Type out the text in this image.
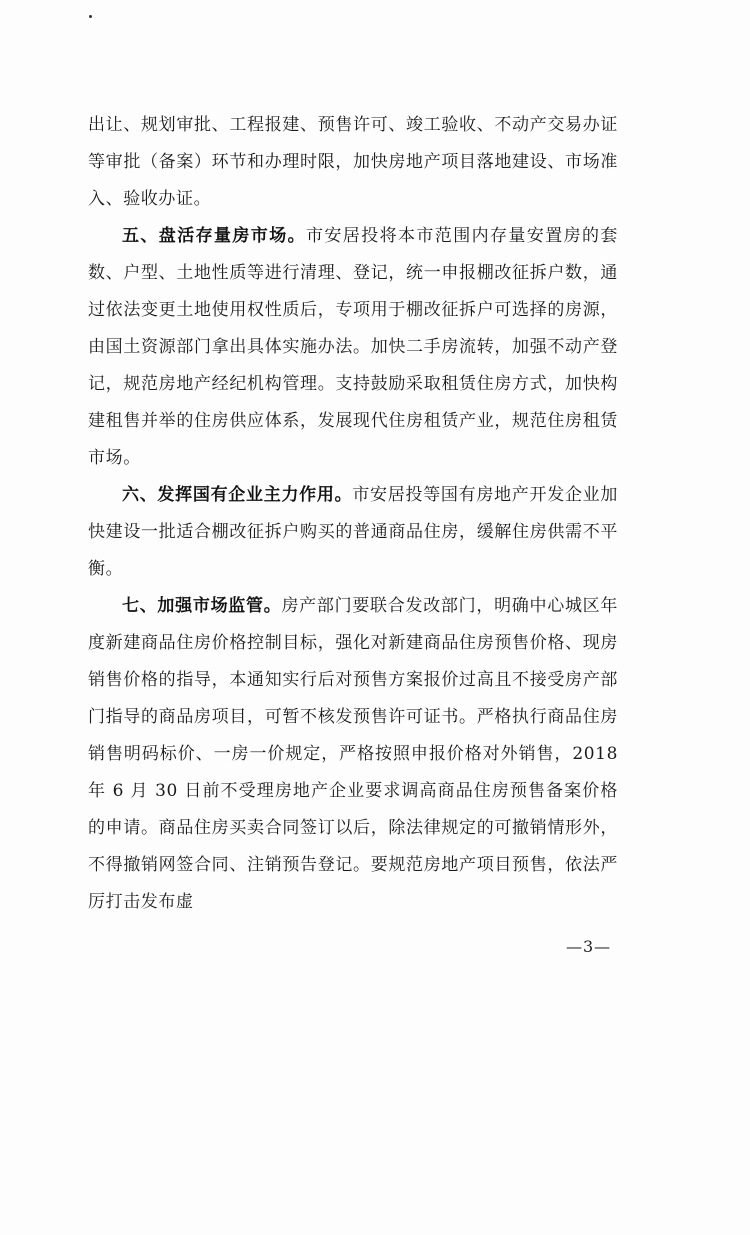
出让、规划审批、工程报建、预售许可、竣工验收、不动产交易办证等审批（备案）环节和办理时限，加快房地产项目落地建设、市场准入、验收办证。

五、盘活存量房市场。市安居投将本市范围内存量安置房的套数、户型、土地性质等进行清理、登记，统一申报棚改征拆户数，通过依法变更土地使用权性质后，专项用于棚改征拆户可选择的房源，由国土资源部门拿出具体实施办法。加快二手房流转，加强不动产登记，规范房地产经纪机构管理。支持鼓励采取租赁住房方式，加快构建租售并举的住房供应体系，发展现代住房租赁产业，规范住房租赁市场。

六、发挥国有企业主力作用。市安居投等国有房地产开发企业加快建设一批适合棚改征拆户购买的普通商品住房，缓解住房供需不平衡。

七、加强市场监管。房产部门要联合发改部门，明确中心城区年度新建商品住房价格控制目标，强化对新建商品住房预售价格、现房销售价格的指导，本通知实行后对预售方案报价过高且不接受房产部门指导的商品房项目，可暂不核发预售许可证书。严格执行商品住房销售明码标价、一房一价规定，严格按照申报价格对外销售，2018 年 6 月 30 日前不受理房地产企业要求调高商品住房预售备案价格的申请。商品住房买卖合同签订以后，除法律规定的可撤销情形外，不得撤销网签合同、注销预告登记。要规范房地产项目预售，依法严厉打击发布虚

—3—
